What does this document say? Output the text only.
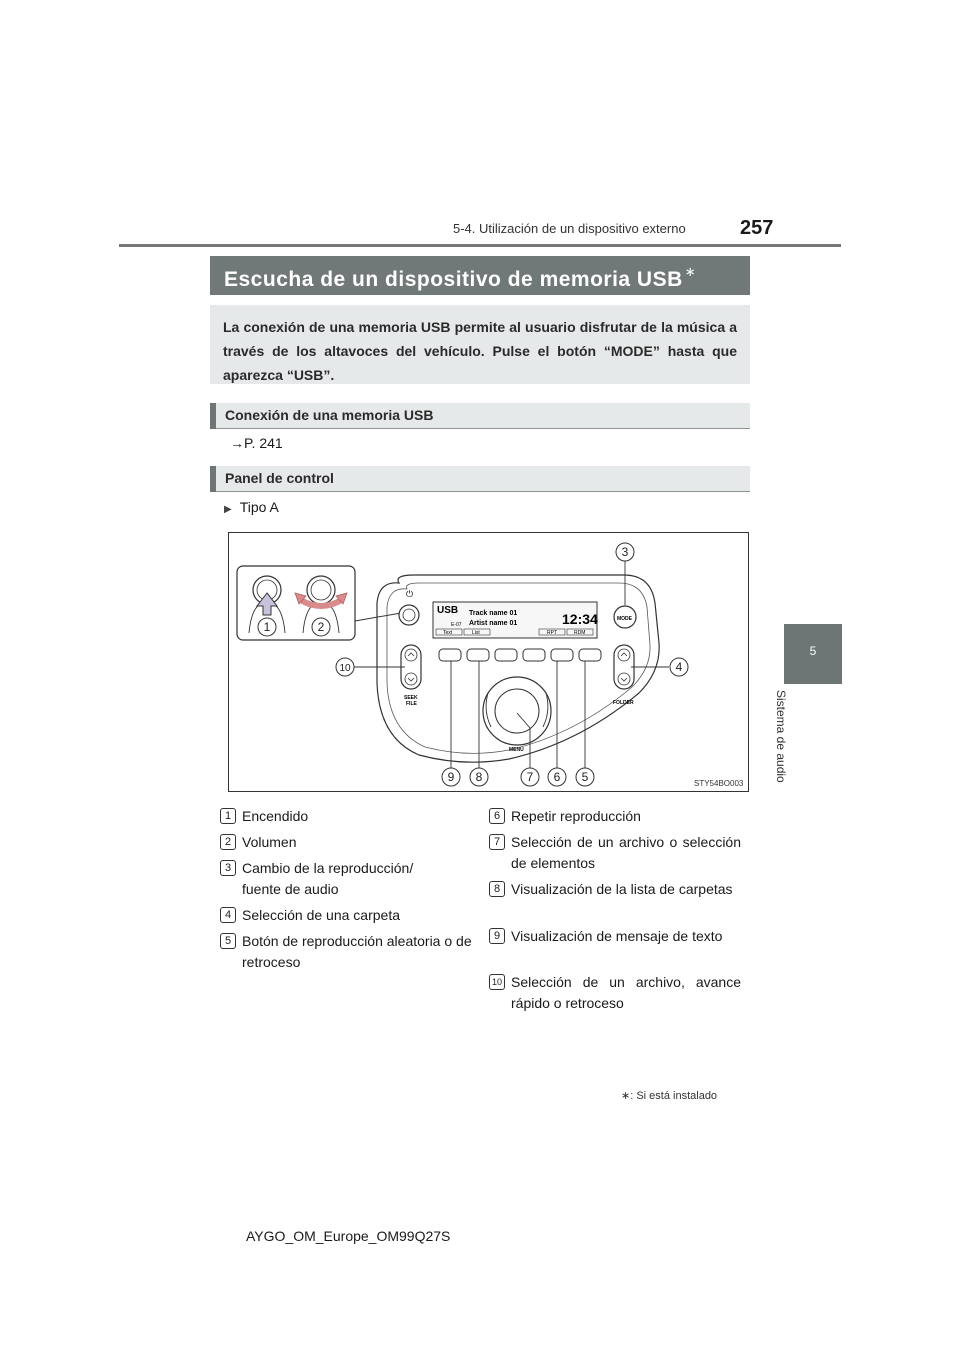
5-4. Utilización de un dispositivo externo	257
5
Sistema de audio
Escucha de un dispositivo de memoria USB ∗

La conexión de una memoria USB permite al usuario disfrutar de la música a través de los altavoces del vehículo. Pulse el botón “MODE” hasta que aparezca “USB”.

Conexión de una memoria USB
→P. 241
Panel de control
▶ Tipo A
⏻
USB Track name 01
Artist name 01	12:34
E-07
Text	List	RPT	RDM
MODE
SEEK
FILE	FOLDER
MENU
3
4
10
1	2
9 8	7 6 5	STY54BO003
1 Encendido
2 Volumen
3 Cambio de la reproducción/ fuente de audio
4 Selección de una carpeta
5 Botón de reproducción aleatoria o de retroceso
6 Repetir reproducción
7 Selección de un archivo o selección de elementos
8 Visualización de la lista de carpetas
9 Visualización de mensaje de texto
10 Selección de un archivo, avance rápido o retroceso
∗: Si está instalado
AYGO_OM_Europe_OM99Q27S
